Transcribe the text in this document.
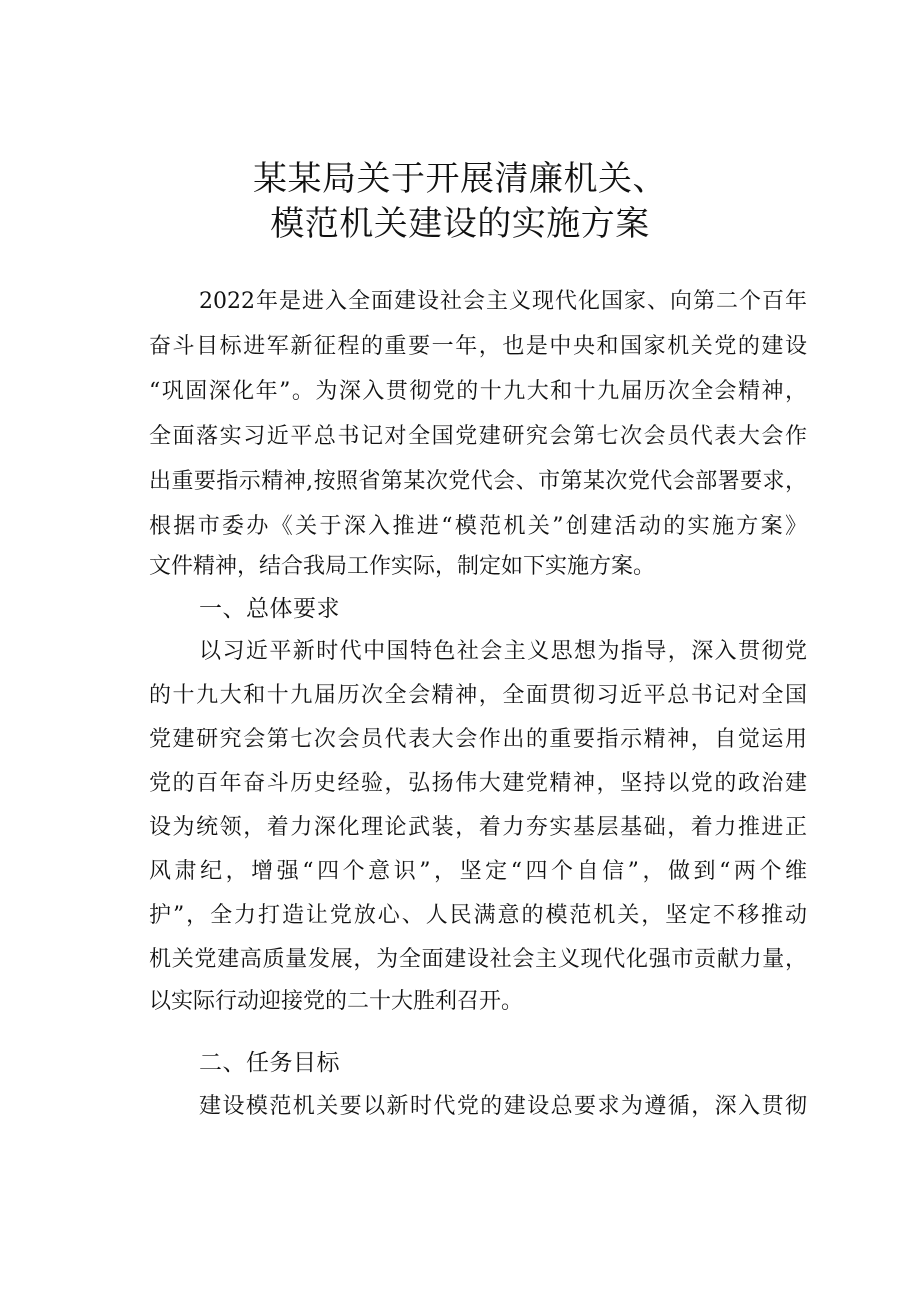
某某局关于开展清廉机关、
模范机关建设的实施方案

2022年是进入全面建设社会主义现代化国家、向第二个百年

奋斗目标进军新征程的重要一年，也是中央和国家机关党的建设

“巩固深化年”。为深入贯彻党的十九大和十九届历次全会精神，

全面落实习近平总书记对全国党建研究会第七次会员代表大会作

出重要指示精神,按照省第某次党代会、市第某次党代会部署要求，

根据市委办《关于深入推进“模范机关”创建活动的实施方案》

文件精神，结合我局工作实际，制定如下实施方案。

一、总体要求

以习近平新时代中国特色社会主义思想为指导，深入贯彻党

的十九大和十九届历次全会精神，全面贯彻习近平总书记对全国

党建研究会第七次会员代表大会作出的重要指示精神，自觉运用

党的百年奋斗历史经验，弘扬伟大建党精神，坚持以党的政治建

设为统领，着力深化理论武装，着力夯实基层基础，着力推进正

风肃纪，增强“四个意识”，坚定“四个自信”，做到“两个维

护”，全力打造让党放心、人民满意的模范机关，坚定不移推动

机关党建高质量发展，为全面建设社会主义现代化强市贡献力量，

以实际行动迎接党的二十大胜利召开。

二、任务目标

建设模范机关要以新时代党的建设总要求为遵循，深入贯彻
